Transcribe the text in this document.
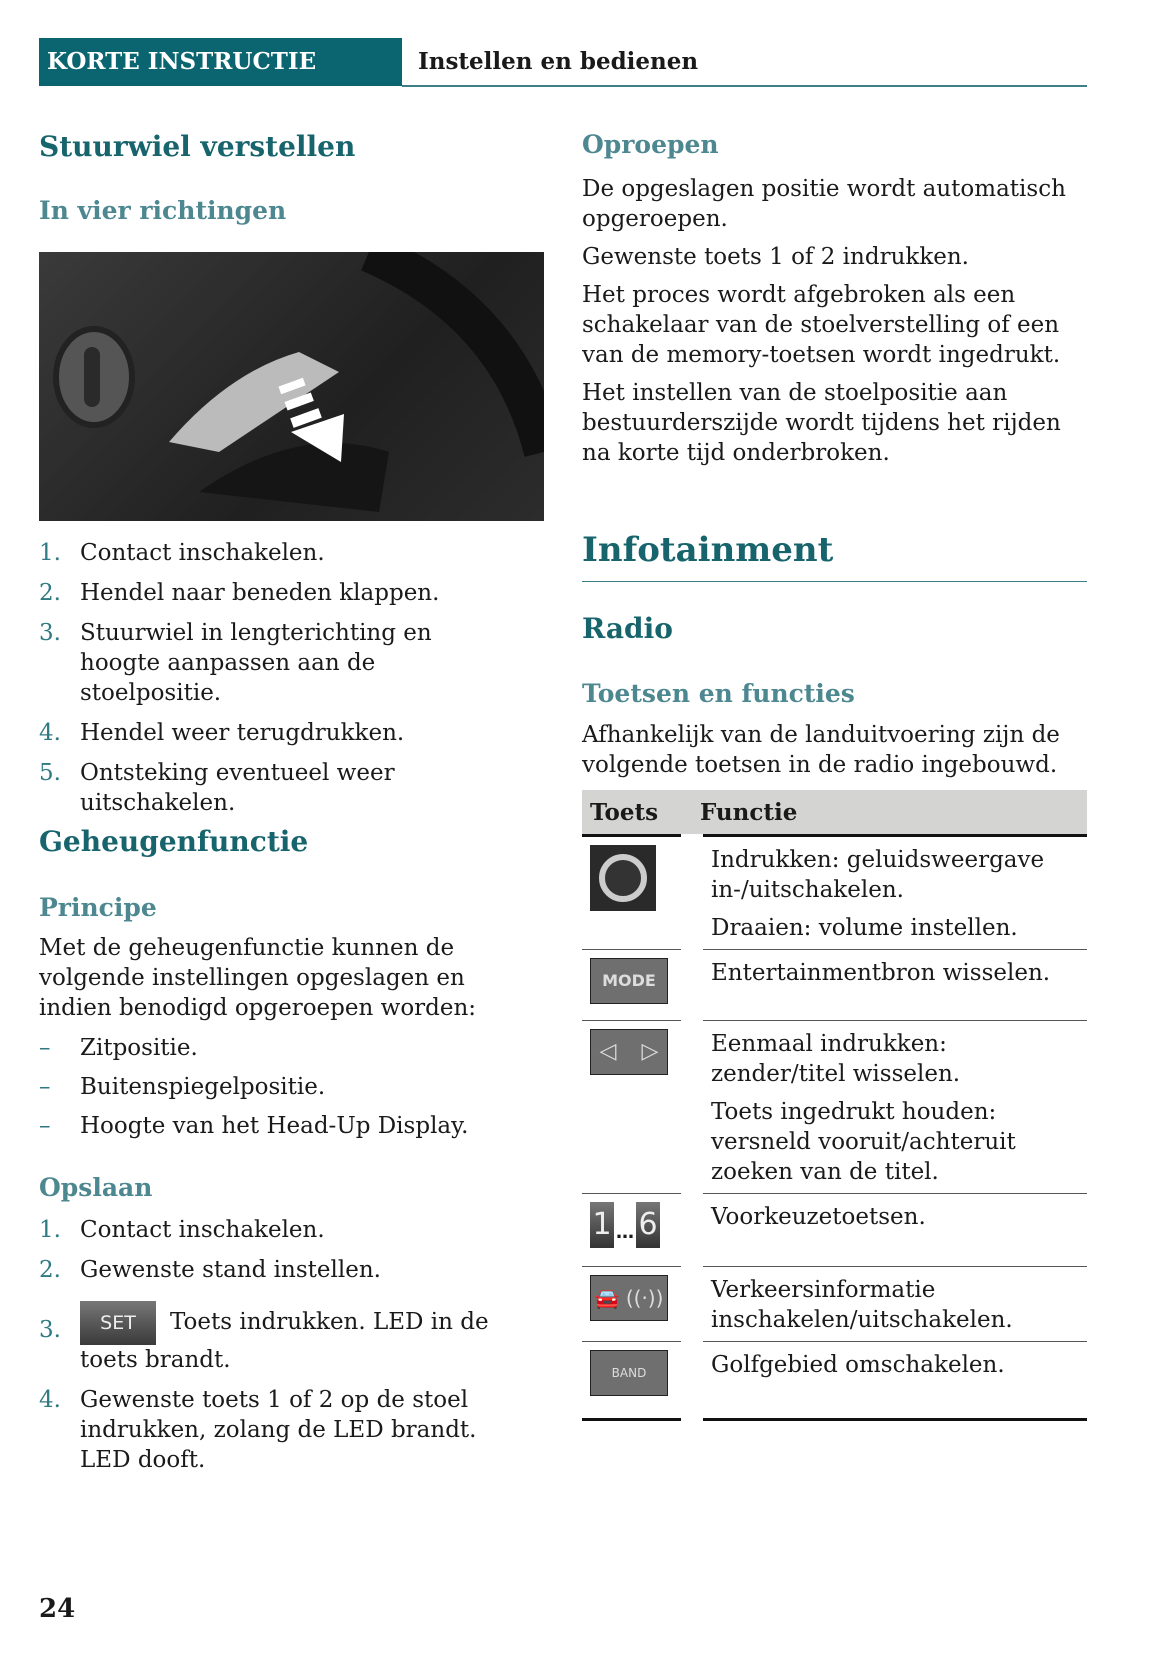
KORTE INSTRUCTIE	Instellen en bedienen
Stuurwiel verstellen
In vier richtingen
1. Contact inschakelen.
2. Hendel naar beneden klappen.
3. Stuurwiel in lengterichting en hoogte aanpassen aan de stoelpositie.
4. Hendel weer terugdrukken.
5. Ontsteking eventueel weer uitschakelen.
Geheugenfunctie
Principe
Met de geheugenfunctie kunnen de volgende instellingen opgeslagen en indien benodigd opgeroepen worden:
– Zitpositie.
– Buitenspiegelpositie.
– Hoogte van het Head-Up Display.
Opslaan
1. Contact inschakelen.
2. Gewenste stand instellen.
3. SET Toets indrukken. LED in de toets brandt.
4. Gewenste toets 1 of 2 op de stoel indrukken, zolang de LED brandt. LED dooft.
Oproepen
De opgeslagen positie wordt automatisch opgeroepen.
Gewenste toets 1 of 2 indrukken.
Het proces wordt afgebroken als een schakelaar van de stoelverstelling of een van de memory-toetsen wordt ingedrukt.
Het instellen van de stoelpositie aan bestuurderszijde wordt tijdens het rijden na korte tijd onderbroken.
Infotainment
Radio
Toetsen en functies
Afhankelijk van de landuitvoering zijn de volgende toetsen in de radio ingebouwd.
Toets	Functie

	Indrukken: geluidsweergave in-/uitschakelen.
Draaien: volume instellen.

MODE	Entertainmentbron wisselen.
◁ ▷	Eenmaal indrukken: zender/titel wisselen.
Toets ingedrukt houden: versneld vooruit/achteruit zoeken van de titel.

1 … 6	Voorkeuzetoetsen.
🚘 ((·))	Verkeersinformatie inschakelen/uitschakelen.
BAND	Golfgebied omschakelen.
24
